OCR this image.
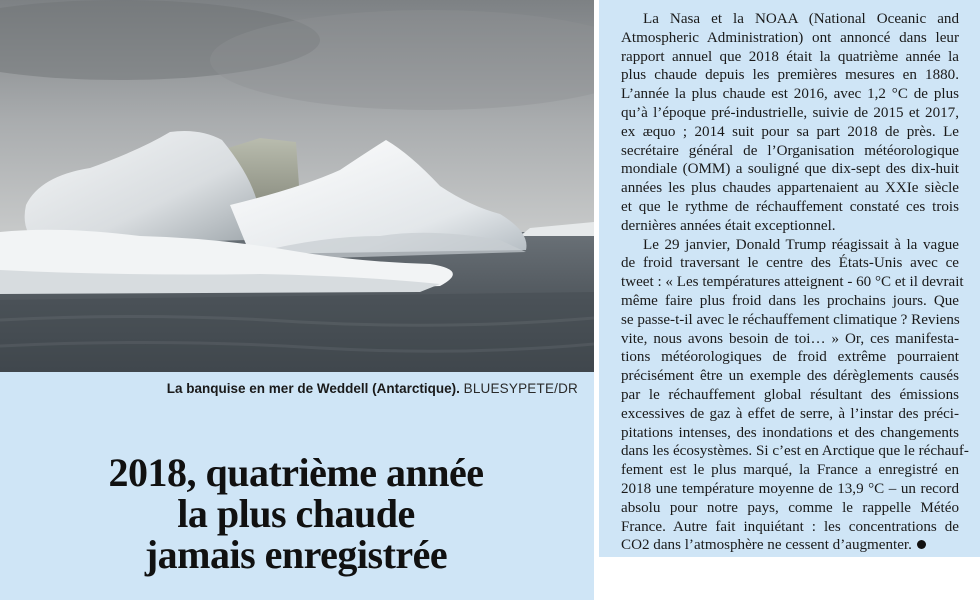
La banquise en mer de Weddell (Antarctique). BLUESYPETE/DR
2018, quatrième année
la plus chaude
jamais enregistrée
La Nasa et la NOAA (National Oceanic and
Atmospheric Administration) ont annoncé dans leur
rapport annuel que 2018 était la quatrième année la
plus chaude depuis les premières mesures en 1880.
L’année la plus chaude est 2016, avec 1,2 °C de plus
qu’à l’époque pré-industrielle, suivie de 2015 et 2017,
ex æquo ; 2014 suit pour sa part 2018 de près. Le
secrétaire général de l’Organisation météorologique
mondiale (OMM) a souligné que dix-sept des dix-huit
années les plus chaudes appartenaient au XXIe siècle
et que le rythme de réchauffement constaté ces trois
dernières années était exceptionnel.
Le 29 janvier, Donald Trump réagissait à la vague
de froid traversant le centre des États-Unis avec ce
tweet : « Les températures atteignent - 60 °C et il devrait
même faire plus froid dans les prochains jours. Que
se passe-t-il avec le réchauffement climatique ? Reviens
vite, nous avons besoin de toi… » Or, ces manifesta-
tions météorologiques de froid extrême pourraient
précisément être un exemple des dérèglements causés
par le réchauffement global résultant des émissions
excessives de gaz à effet de serre, à l’instar des préci-
pitations intenses, des inondations et des changements
dans les écosystèmes. Si c’est en Arctique que le réchauf-
fement est le plus marqué, la France a enregistré en
2018 une température moyenne de 13,9 °C – un record
absolu pour notre pays, comme le rappelle Météo
France. Autre fait inquiétant : les concentrations de
CO2 dans l’atmosphère ne cessent d’augmenter.
